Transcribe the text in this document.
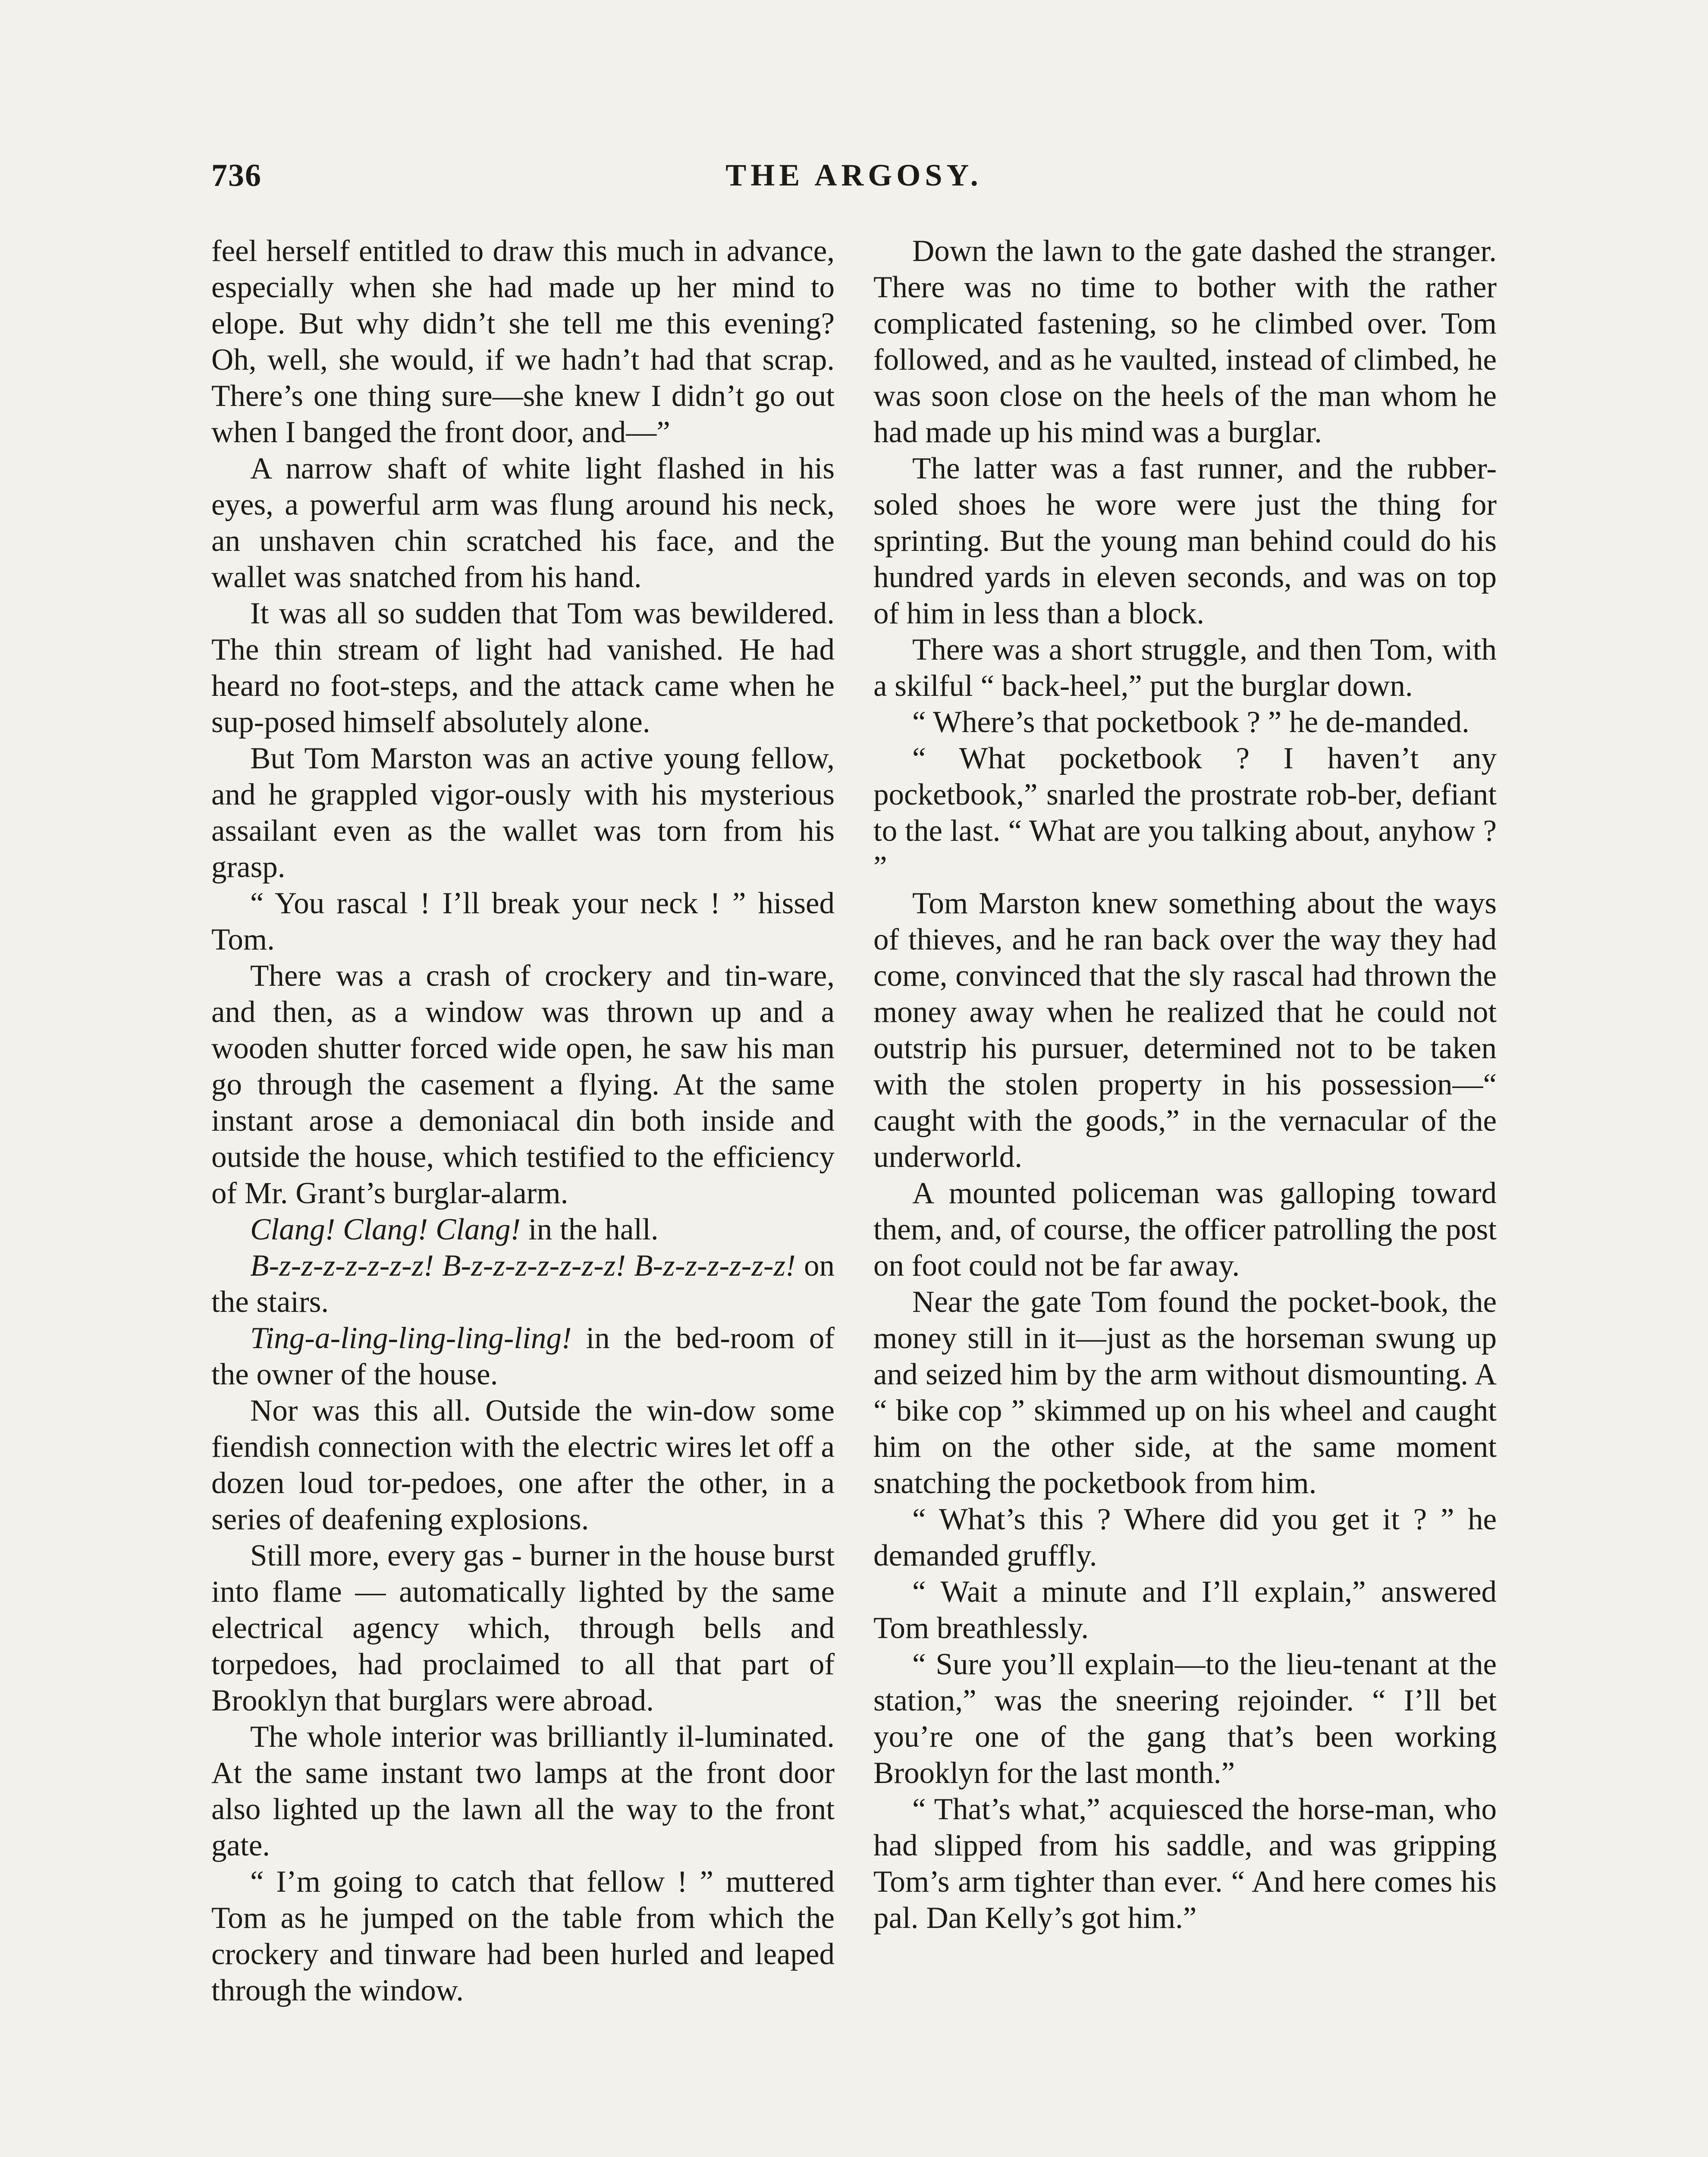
736	THE ARGOSY.

feel herself entitled to draw this much in advance, especially when she had made up her mind to elope. But why didn’t she tell me this evening? Oh, well, she would, if we hadn’t had that scrap. There’s one thing sure—she knew I didn’t go out when I banged the front door, and—”

A narrow shaft of white light flashed in his eyes, a powerful arm was flung around his neck, an unshaven chin scratched his face, and the wallet was snatched from his hand.

It was all so sudden that Tom was bewildered. The thin stream of light had vanished. He had heard no foot-steps, and the attack came when he sup-posed himself absolutely alone.

But Tom Marston was an active young fellow, and he grappled vigor-ously with his mysterious assailant even as the wallet was torn from his grasp.

“ You rascal ! I’ll break your neck ! ” hissed Tom.

There was a crash of crockery and tin-ware, and then, as a window was thrown up and a wooden shutter forced wide open, he saw his man go through the casement a flying. At the same instant arose a demoniacal din both inside and outside the house, which testified to the efficiency of Mr. Grant’s burglar-alarm.

Clang! Clang! Clang! in the hall.

B-z-z-z-z-z-z-z! B-z-z-z-z-z-z-z! B-z-z-z-z-z-z! on the stairs.

Ting-a-ling-ling-ling-ling! in the bed-room of the owner of the house.

Nor was this all. Outside the win-dow some fiendish connection with the electric wires let off a dozen loud tor-pedoes, one after the other, in a series of deafening explosions.

Still more, every gas - burner in the house burst into flame — automatically lighted by the same electrical agency which, through bells and torpedoes, had proclaimed to all that part of Brooklyn that burglars were abroad.

The whole interior was brilliantly il-luminated. At the same instant two lamps at the front door also lighted up the lawn all the way to the front gate.

“ I’m going to catch that fellow ! ” muttered Tom as he jumped on the table from which the crockery and tinware had been hurled and leaped through the window.

Down the lawn to the gate dashed the stranger. There was no time to bother with the rather complicated fastening, so he climbed over. Tom followed, and as he vaulted, instead of climbed, he was soon close on the heels of the man whom he had made up his mind was a burglar.

The latter was a fast runner, and the rubber-soled shoes he wore were just the thing for sprinting. But the young man behind could do his hundred yards in eleven seconds, and was on top of him in less than a block.

There was a short struggle, and then Tom, with a skilful “ back-heel,” put the burglar down.

“ Where’s that pocketbook ? ” he de-manded.

“ What pocketbook ? I haven’t any pocketbook,” snarled the prostrate rob-ber, defiant to the last. “ What are you talking about, anyhow ? ”

Tom Marston knew something about the ways of thieves, and he ran back over the way they had come, convinced that the sly rascal had thrown the money away when he realized that he could not outstrip his pursuer, determined not to be taken with the stolen property in his possession—“ caught with the goods,” in the vernacular of the underworld.

A mounted policeman was galloping toward them, and, of course, the officer patrolling the post on foot could not be far away.

Near the gate Tom found the pocket-book, the money still in it—just as the horseman swung up and seized him by the arm without dismounting. A “ bike cop ” skimmed up on his wheel and caught him on the other side, at the same moment snatching the pocketbook from him.

“ What’s this ? Where did you get it ? ” he demanded gruffly.

“ Wait a minute and I’ll explain,” answered Tom breathlessly.

“ Sure you’ll explain—to the lieu-tenant at the station,” was the sneering rejoinder. “ I’ll bet you’re one of the gang that’s been working Brooklyn for the last month.”

“ That’s what,” acquiesced the horse-man, who had slipped from his saddle, and was gripping Tom’s arm tighter than ever. “ And here comes his pal. Dan Kelly’s got him.”
